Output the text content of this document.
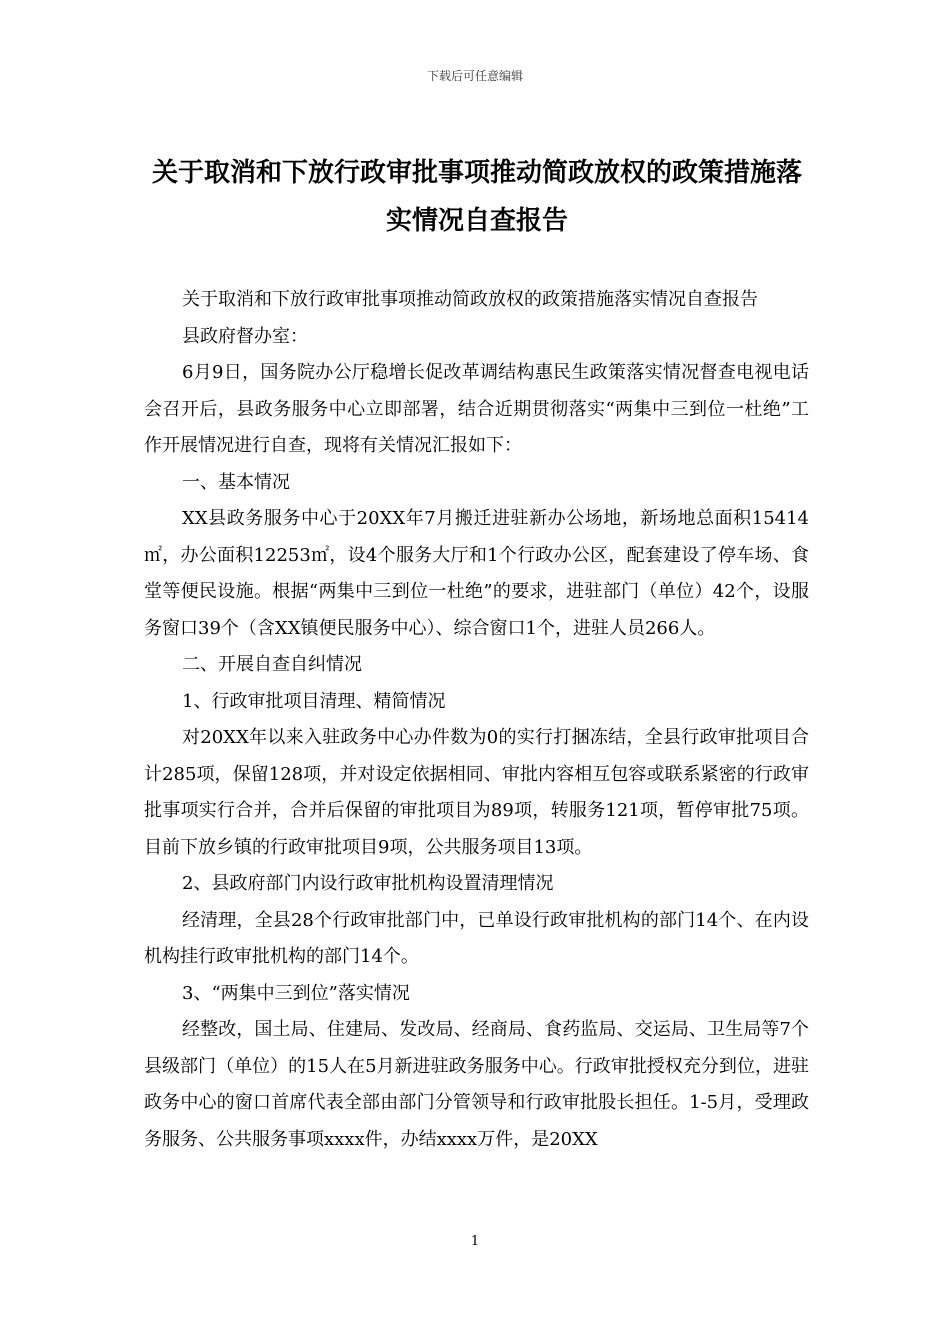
下载后可任意编辑
关于取消和下放行政审批事项推动简政放权的政策措施落
实情况自查报告

关于取消和下放行政审批事项推动简政放权的政策措施落实情况自查报告

县政府督办室：

6月9日，国务院办公厅稳增长促改革调结构惠民生政策落实情况督查电视电话会召开后，县政务服务中心立即部署，结合近期贯彻落实“两集中三到位一杜绝”工作开展情况进行自查，现将有关情况汇报如下：

一、基本情况

XX县政务服务中心于20XX年7月搬迁进驻新办公场地，新场地总面积15414㎡，办公面积12253㎡，设4个服务大厅和1个行政办公区，配套建设了停车场、食堂等便民设施。根据“两集中三到位一杜绝”的要求，进驻部门（单位）42个，设服务窗口39个（含XX镇便民服务中心）、综合窗口1个，进驻人员266人。

二、开展自查自纠情况

1、行政审批项目清理、精简情况

对20XX年以来入驻政务中心办件数为0的实行打捆冻结，全县行政审批项目合计285项，保留128项，并对设定依据相同、审批内容相互包容或联系紧密的行政审批事项实行合并，合并后保留的审批项目为89项，转服务121项，暂停审批75项。目前下放乡镇的行政审批项目9项，公共服务项目13项。

2、县政府部门内设行政审批机构设置清理情况

经清理，全县28个行政审批部门中，已单设行政审批机构的部门14个、在内设机构挂行政审批机构的部门14个。

3、“两集中三到位”落实情况

经整改，国土局、住建局、发改局、经商局、食药监局、交运局、卫生局等7个县级部门（单位）的15人在5月新进驻政务服务中心。行政审批授权充分到位，进驻政务中心的窗口首席代表全部由部门分管领导和行政审批股长担任。1-5月，受理政务服务、公共服务事项xxxx件，办结xxxx万件，是20XX

1
